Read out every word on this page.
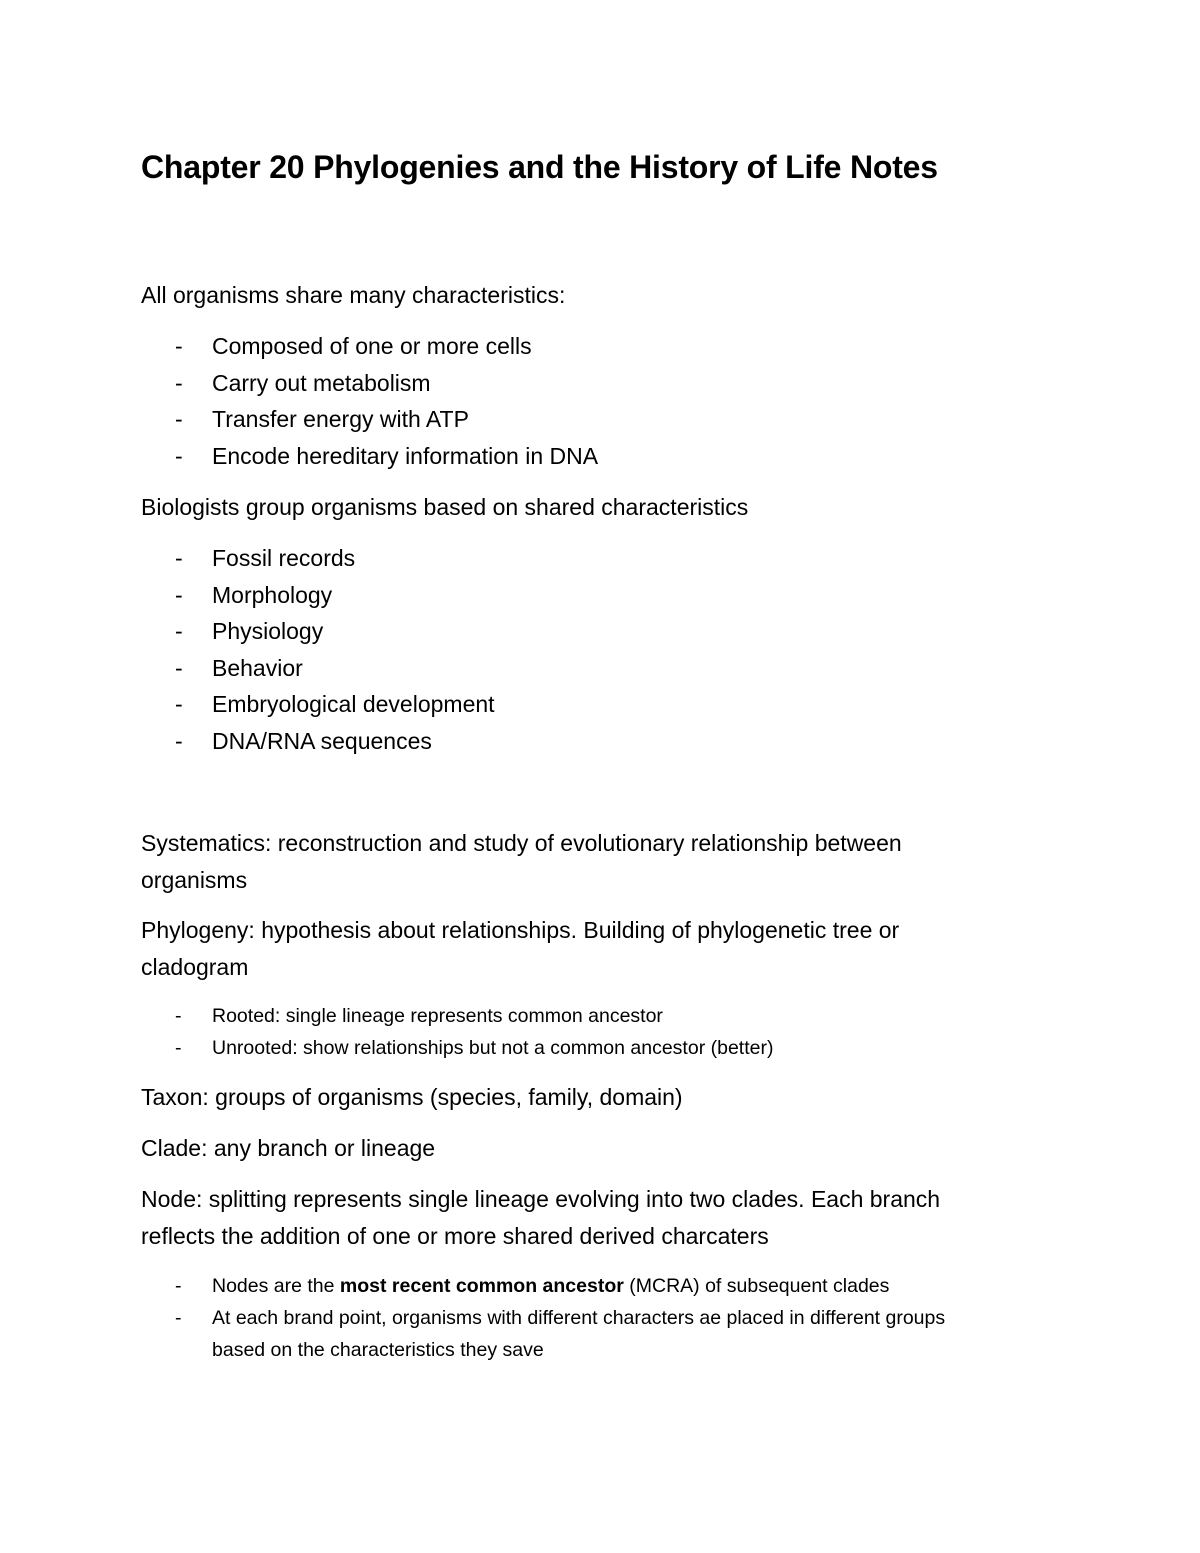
Chapter 20 Phylogenies and the History of Life Notes
All organisms share many characteristics:
- Composed of one or more cells
- Carry out metabolism
- Transfer energy with ATP
- Encode hereditary information in DNA
Biologists group organisms based on shared characteristics
- Fossil records
- Morphology
- Physiology
- Behavior
- Embryological development
- DNA/RNA sequences
Systematics: reconstruction and study of evolutionary relationship between
organisms
Phylogeny: hypothesis about relationships. Building of phylogenetic tree or
cladogram
- Rooted: single lineage represents common ancestor
- Unrooted: show relationships but not a common ancestor (better)
Taxon: groups of organisms (species, family, domain)
Clade: any branch or lineage
Node: splitting represents single lineage evolving into two clades. Each branch
reflects the addition of one or more shared derived charcaters
- Nodes are the most recent common ancestor (MCRA) of subsequent clades
- At each brand point, organisms with different characters ae placed in different groups
based on the characteristics they save
